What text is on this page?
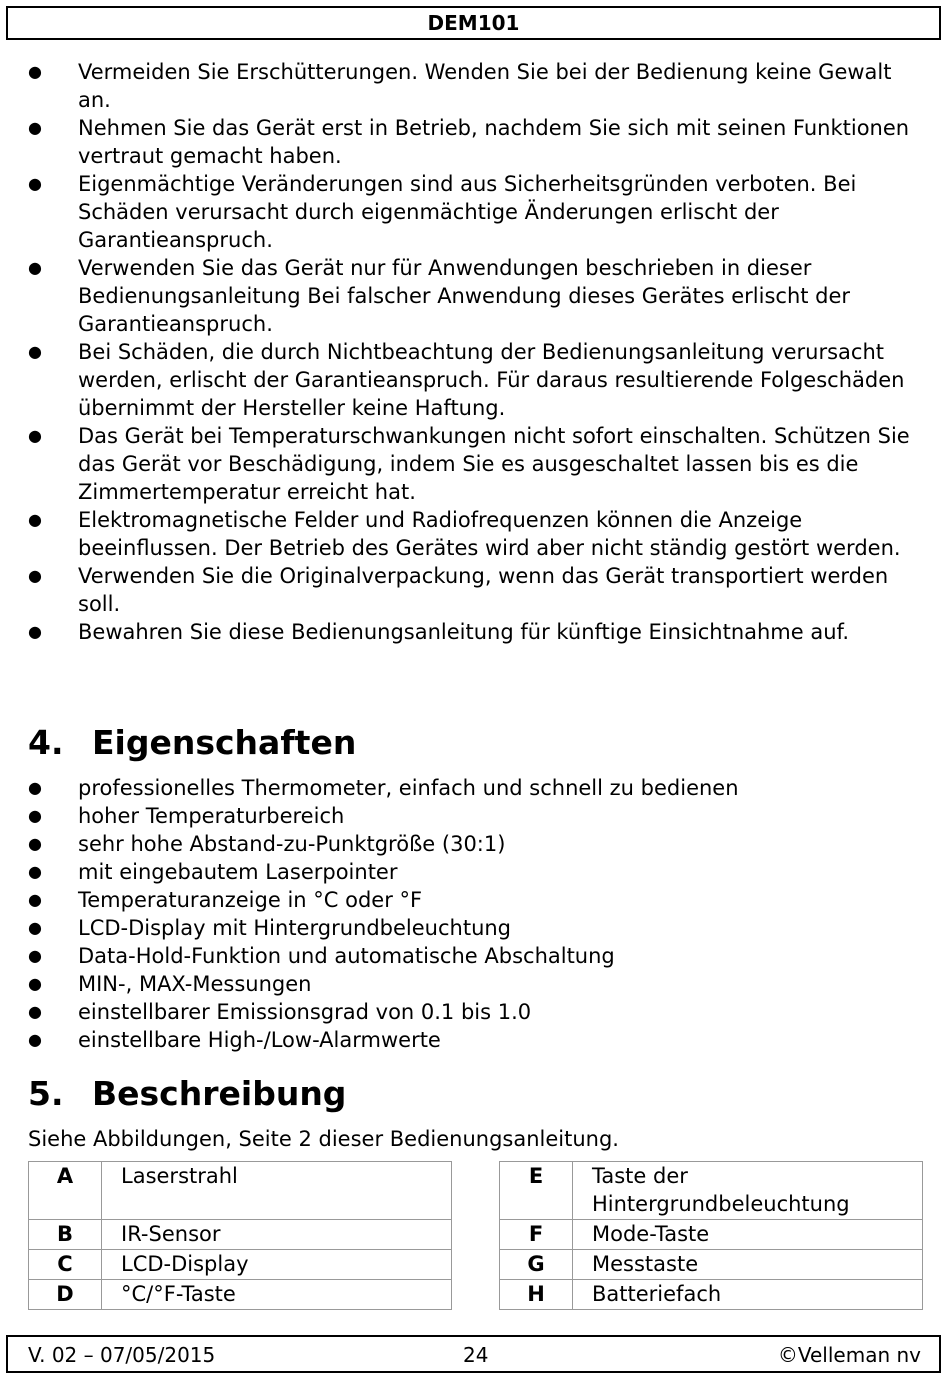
DEM101
● Vermeiden Sie Erschütterungen. Wenden Sie bei der Bedienung keine Gewalt an.
● Nehmen Sie das Gerät erst in Betrieb, nachdem Sie sich mit seinen Funktionen vertraut gemacht haben.
● Eigenmächtige Veränderungen sind aus Sicherheitsgründen verboten. Bei Schäden verursacht durch eigenmächtige Änderungen erlischt der Garantieanspruch.
● Verwenden Sie das Gerät nur für Anwendungen beschrieben in dieser Bedienungsanleitung Bei falscher Anwendung dieses Gerätes erlischt der Garantieanspruch.
● Bei Schäden, die durch Nichtbeachtung der Bedienungsanleitung verursacht werden, erlischt der Garantieanspruch. Für daraus resultierende Folgeschäden übernimmt der Hersteller keine Haftung.
● Das Gerät bei Temperaturschwankungen nicht sofort einschalten. Schützen Sie das Gerät vor Beschädigung, indem Sie es ausgeschaltet lassen bis es die Zimmertemperatur erreicht hat.
● Elektromagnetische Felder und Radiofrequenzen können die Anzeige beeinflussen. Der Betrieb des Gerätes wird aber nicht ständig gestört werden.
● Verwenden Sie die Originalverpackung, wenn das Gerät transportiert werden soll.
● Bewahren Sie diese Bedienungsanleitung für künftige Einsichtnahme auf.
4. Eigenschaften
● professionelles Thermometer, einfach und schnell zu bedienen
● hoher Temperaturbereich
● sehr hohe Abstand-zu-Punktgröße (30:1)
● mit eingebautem Laserpointer
● Temperaturanzeige in °C oder °F
● LCD-Display mit Hintergrundbeleuchtung
● Data-Hold-Funktion und automatische Abschaltung
● MIN-, MAX-Messungen
● einstellbarer Emissionsgrad von 0.1 bis 1.0
● einstellbare High-/Low-Alarmwerte
5. Beschreibung
Siehe Abbildungen, Seite 2 dieser Bedienungsanleitung.
A	Laserstrahl
B	IR-Sensor
C	LCD-Display
D	°C/°F-Taste
E	Taste der Hintergrundbeleuchtung
F	Mode-Taste
G	Messtaste
H	Batteriefach
V. 02 – 07/05/2015	24	©Velleman nv
